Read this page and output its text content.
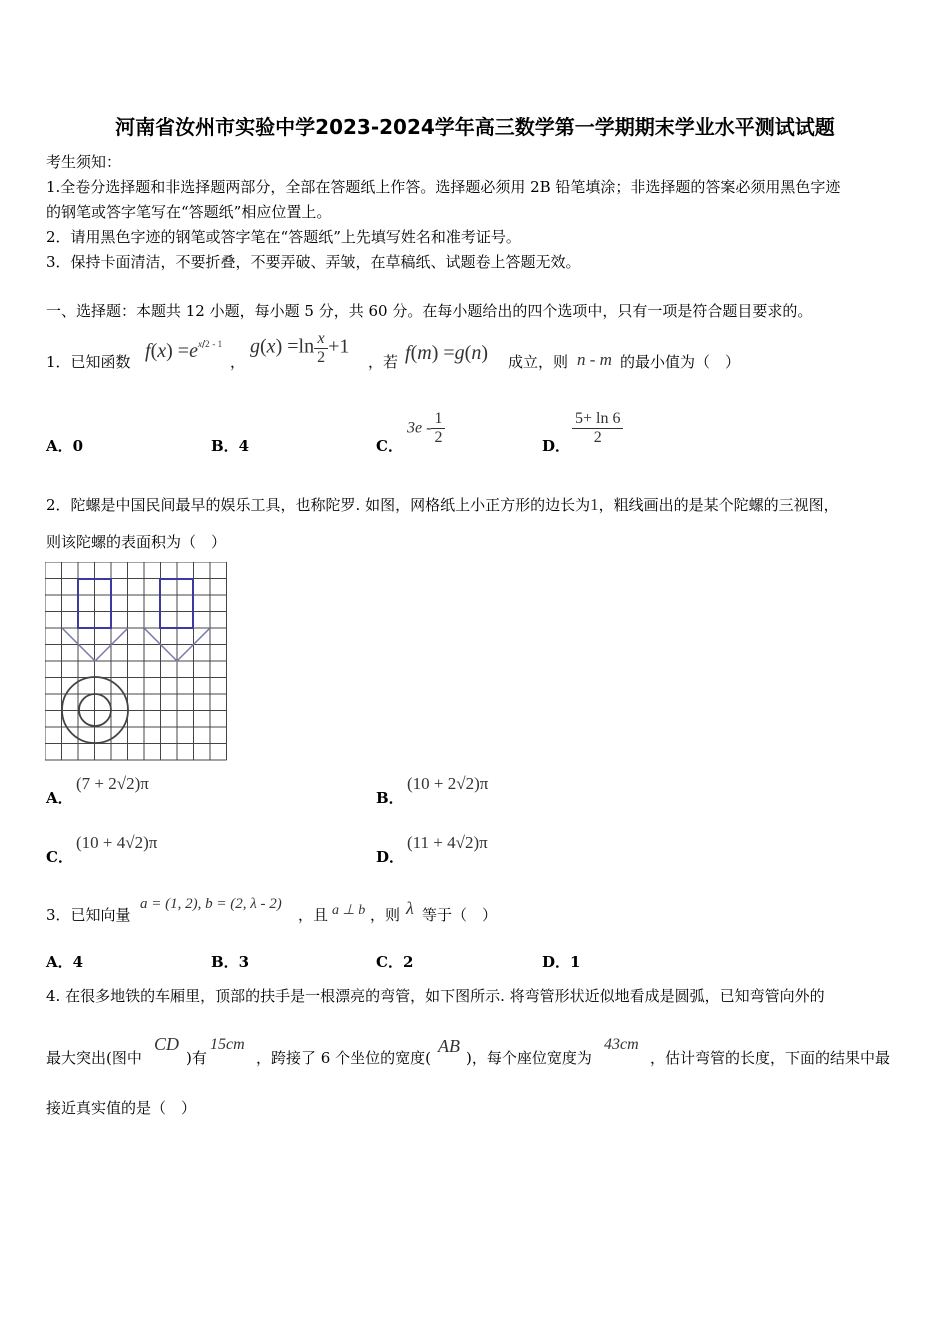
河南省汝州市实验中学2023-2024学年高三数学第一学期期末学业水平测试试题
考生须知：
1.全卷分选择题和非选择题两部分，全部在答题纸上作答。选择题必须用 2B 铅笔填涂；非选择题的答案必须用黑色字迹
的钢笔或答字笔写在“答题纸”相应位置上。
2．请用黑色字迹的钢笔或答字笔在“答题纸”上先填写姓名和准考证号。
3．保持卡面清洁，不要折叠，不要弄破、弄皱，在草稿纸、试题卷上答题无效。
一、选择题：本题共 12 小题，每小题 5 分，共 60 分。在每小题给出的四个选项中，只有一项是符合题目要求的。
1．已知函数 $f(x) =e^{x/2 - 1}$
，
$g(x) =\ln \frac{x}{2} +1$
，若 f(m) =g(n) 成立，则 n - m 的最小值为（　）
A．0	B．4	C．
$3e - \frac{1}{2}$	D． $\frac{5+ \ln 6}{2}$
2．陀螺是中国民间最早的娱乐工具，也称陀罗. 如图，网格纸上小正方形的边长为1，粗线画出的是某个陀螺的三视图，
则该陀螺的表面积为（　）
A．
(7 + 2√2)π
B．
(10 + 2√2)π
C．
(10 + 4√2)π
D．
(11 + 4√2)π
3．已知向量
a = (1, 2), b = (2, λ - 2)
，且 a ⊥ b ，则 λ 等于（　）
A．4	B．3	C．2	D．1
4. 在很多地铁的车厢里，顶部的扶手是一根漂亮的弯管，如下图所示. 将弯管形状近似地看成是圆弧，已知弯管向外的
最大突出(图中
CD
)有
15cm
，跨接了 6 个坐位的宽度(
AB
)，每个座位宽度为
43cm
，估计弯管的长度，下面的结果中最
接近真实值的是（　）
